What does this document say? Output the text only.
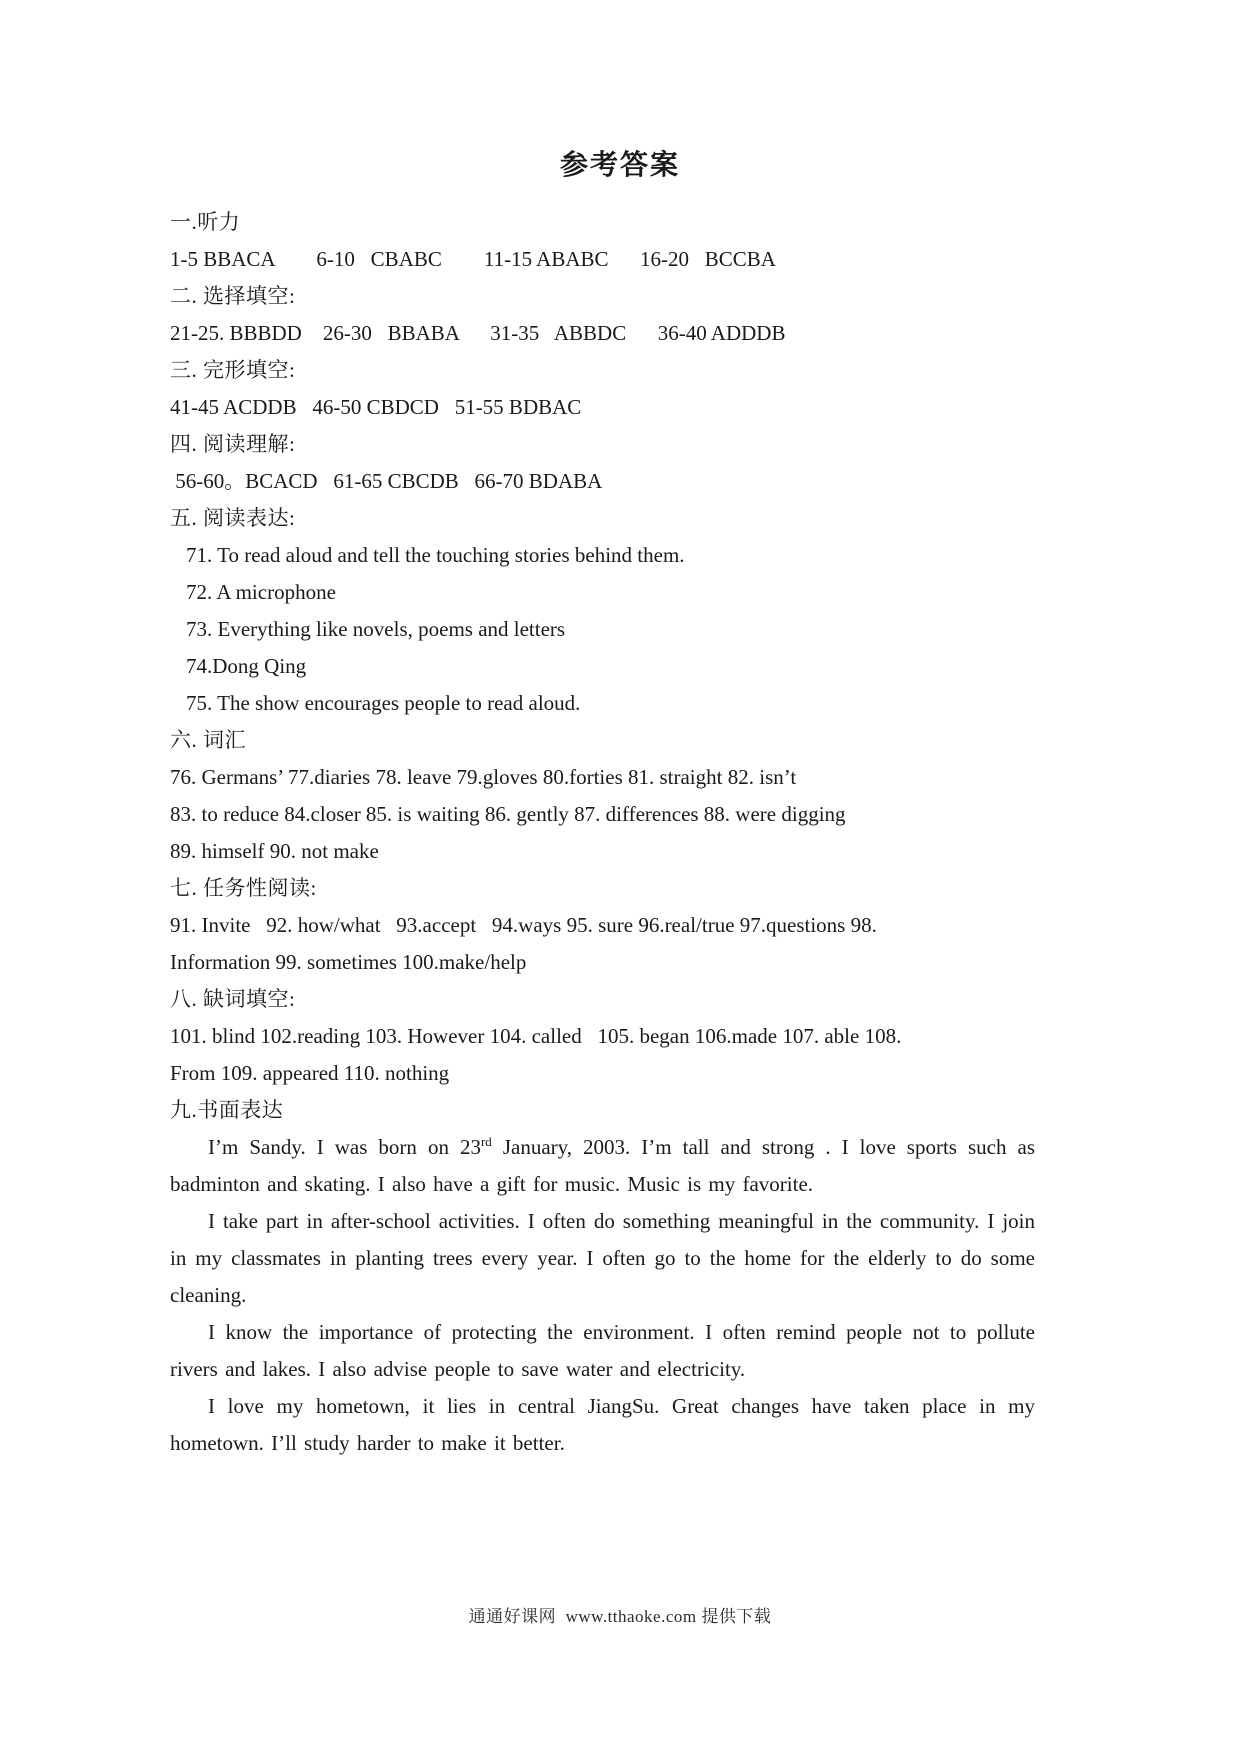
参考答案
一.听力
1-5 BBACA        6-10   CBABC        11-15 ABABC      16-20   BCCBA
二. 选择填空:
21-25. BBBDD    26-30   BBABA      31-35   ABBDC      36-40 ADDDB
三. 完形填空:
41-45 ACDDB   46-50 CBDCD   51-55 BDBAC
四. 阅读理解:
56-60。BCACD   61-65 CBCDB   66-70 BDABA
五. 阅读表达:
71. To read aloud and tell the touching stories behind them.
72. A microphone
73. Everything like novels, poems and letters
74.Dong Qing
75. The show encourages people to read aloud.
六. 词汇
76. Germans’ 77.diaries 78. leave 79.gloves 80.forties 81. straight 82. isn’t
83. to reduce 84.closer 85. is waiting 86. gently 87. differences 88. were digging
89. himself 90. not make
七. 任务性阅读:
91. Invite   92. how/what   93.accept   94.ways 95. sure 96.real/true 97.questions 98.
Information 99. sometimes 100.make/help
八. 缺词填空:
101. blind 102.reading 103. However 104. called   105. began 106.made 107. able 108.
From 109. appeared 110. nothing
九.书面表达

I’m Sandy. I was born on 23rd January, 2003. I’m tall and strong . I love sports such as badminton and skating. I also have a gift for music. Music is my favorite.

I take part in after-school activities. I often do something meaningful in the community. I join in my classmates in planting trees every year. I often go to the home for the elderly to do some cleaning.

I know the importance of protecting the environment. I often remind people not to pollute rivers and lakes. I also advise people to save water and electricity.

I love my hometown, it lies in central JiangSu. Great changes have taken place in my hometown. I’ll study harder to make it better.

通通好课网  www.tthaoke.com 提供下载
